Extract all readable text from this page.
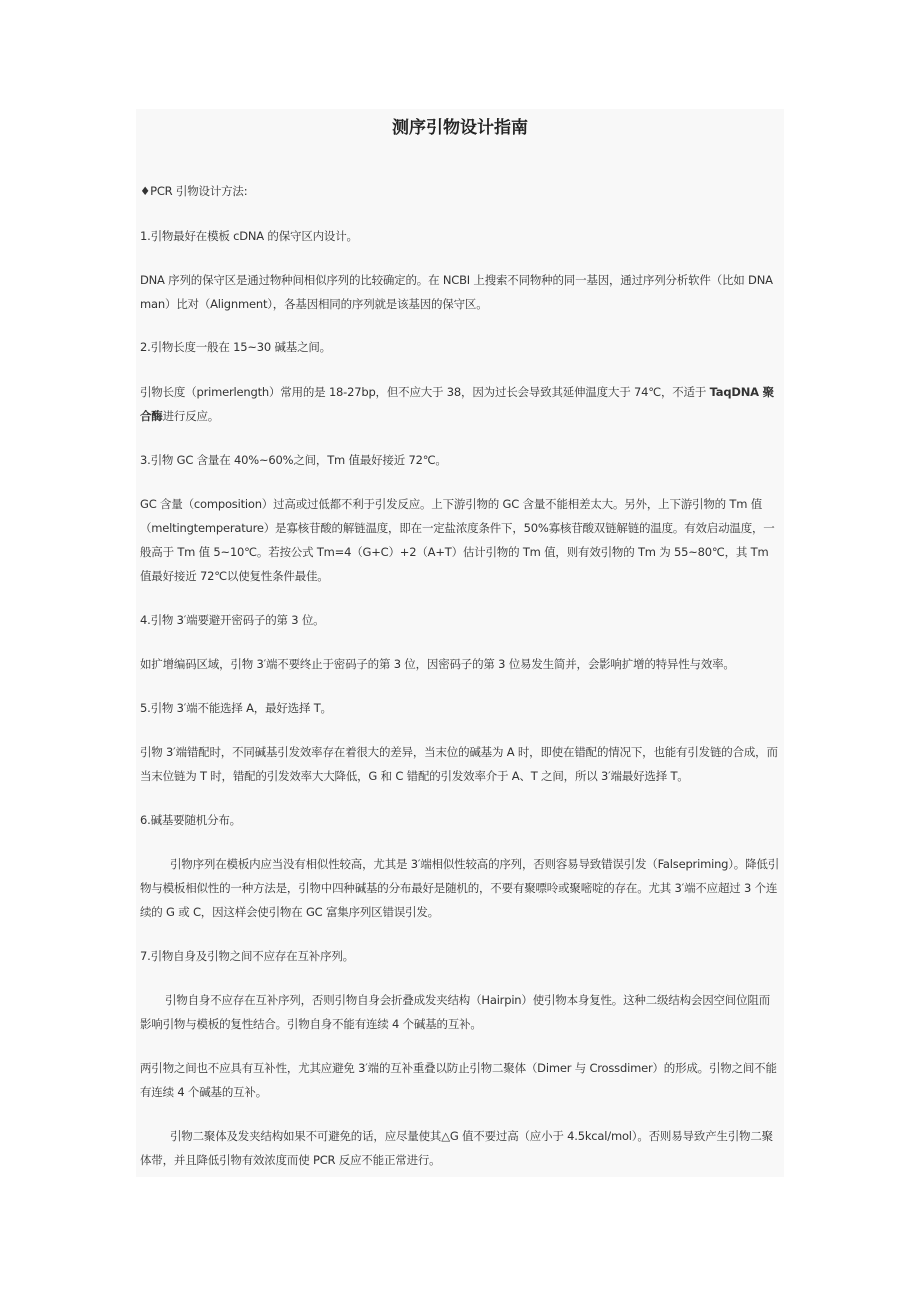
测序引物设计指南

♦PCR 引物设计方法:

1.引物最好在模板 cDNA 的保守区内设计。

DNA 序列的保守区是通过物种间相似序列的比较确定的。在 NCBI 上搜索不同物种的同一基因，通过序列分析软件（比如 DNAman）比对（Alignment），各基因相同的序列就是该基因的保守区。

2.引物长度一般在 15~30 碱基之间。

引物长度（primerlength）常用的是 18-27bp，但不应大于 38，因为过长会导致其延伸温度大于 74℃，不适于 TaqDNA 聚合酶进行反应。

3.引物 GC 含量在 40%~60%之间，Tm 值最好接近 72℃。

GC 含量（composition）过高或过低都不利于引发反应。上下游引物的 GC 含量不能相差太大。另外，上下游引物的 Tm 值（meltingtemperature）是寡核苷酸的解链温度，即在一定盐浓度条件下，50%寡核苷酸双链解链的温度。有效启动温度，一般高于 Tm 值 5~10℃。若按公式 Tm=4（G+C）+2（A+T）估计引物的 Tm 值，则有效引物的 Tm 为 55~80℃，其 Tm 值最好接近 72℃以使复性条件最佳。

4.引物 3′端要避开密码子的第 3 位。

如扩增编码区域，引物 3′端不要终止于密码子的第 3 位，因密码子的第 3 位易发生简并，会影响扩增的特异性与效率。

5.引物 3′端不能选择 A，最好选择 T。

引物 3′端错配时，不同碱基引发效率存在着很大的差异，当末位的碱基为 A 时，即使在错配的情况下，也能有引发链的合成，而当末位链为 T 时，错配的引发效率大大降低，G 和 C 错配的引发效率介于 A、T 之间，所以 3′端最好选择 T。

6.碱基要随机分布。

引物序列在模板内应当没有相似性较高，尤其是 3′端相似性较高的序列，否则容易导致错误引发（Falsepriming）。降低引物与模板相似性的一种方法是，引物中四种碱基的分布最好是随机的，不要有聚嘌呤或聚嘧啶的存在。尤其 3′端不应超过 3 个连续的 G 或 C，因这样会使引物在 GC 富集序列区错误引发。

7.引物自身及引物之间不应存在互补序列。

引物自身不应存在互补序列，否则引物自身会折叠成发夹结构（Hairpin）使引物本身复性。这种二级结构会因空间位阻而影响引物与模板的复性结合。引物自身不能有连续 4 个碱基的互补。

两引物之间也不应具有互补性，尤其应避免 3′端的互补重叠以防止引物二聚体（Dimer 与 Crossdimer）的形成。引物之间不能有连续 4 个碱基的互补。

引物二聚体及发夹结构如果不可避免的话，应尽量使其△G 值不要过高（应小于 4.5kcal/mol）。否则易导致产生引物二聚体带，并且降低引物有效浓度而使 PCR 反应不能正常进行。
